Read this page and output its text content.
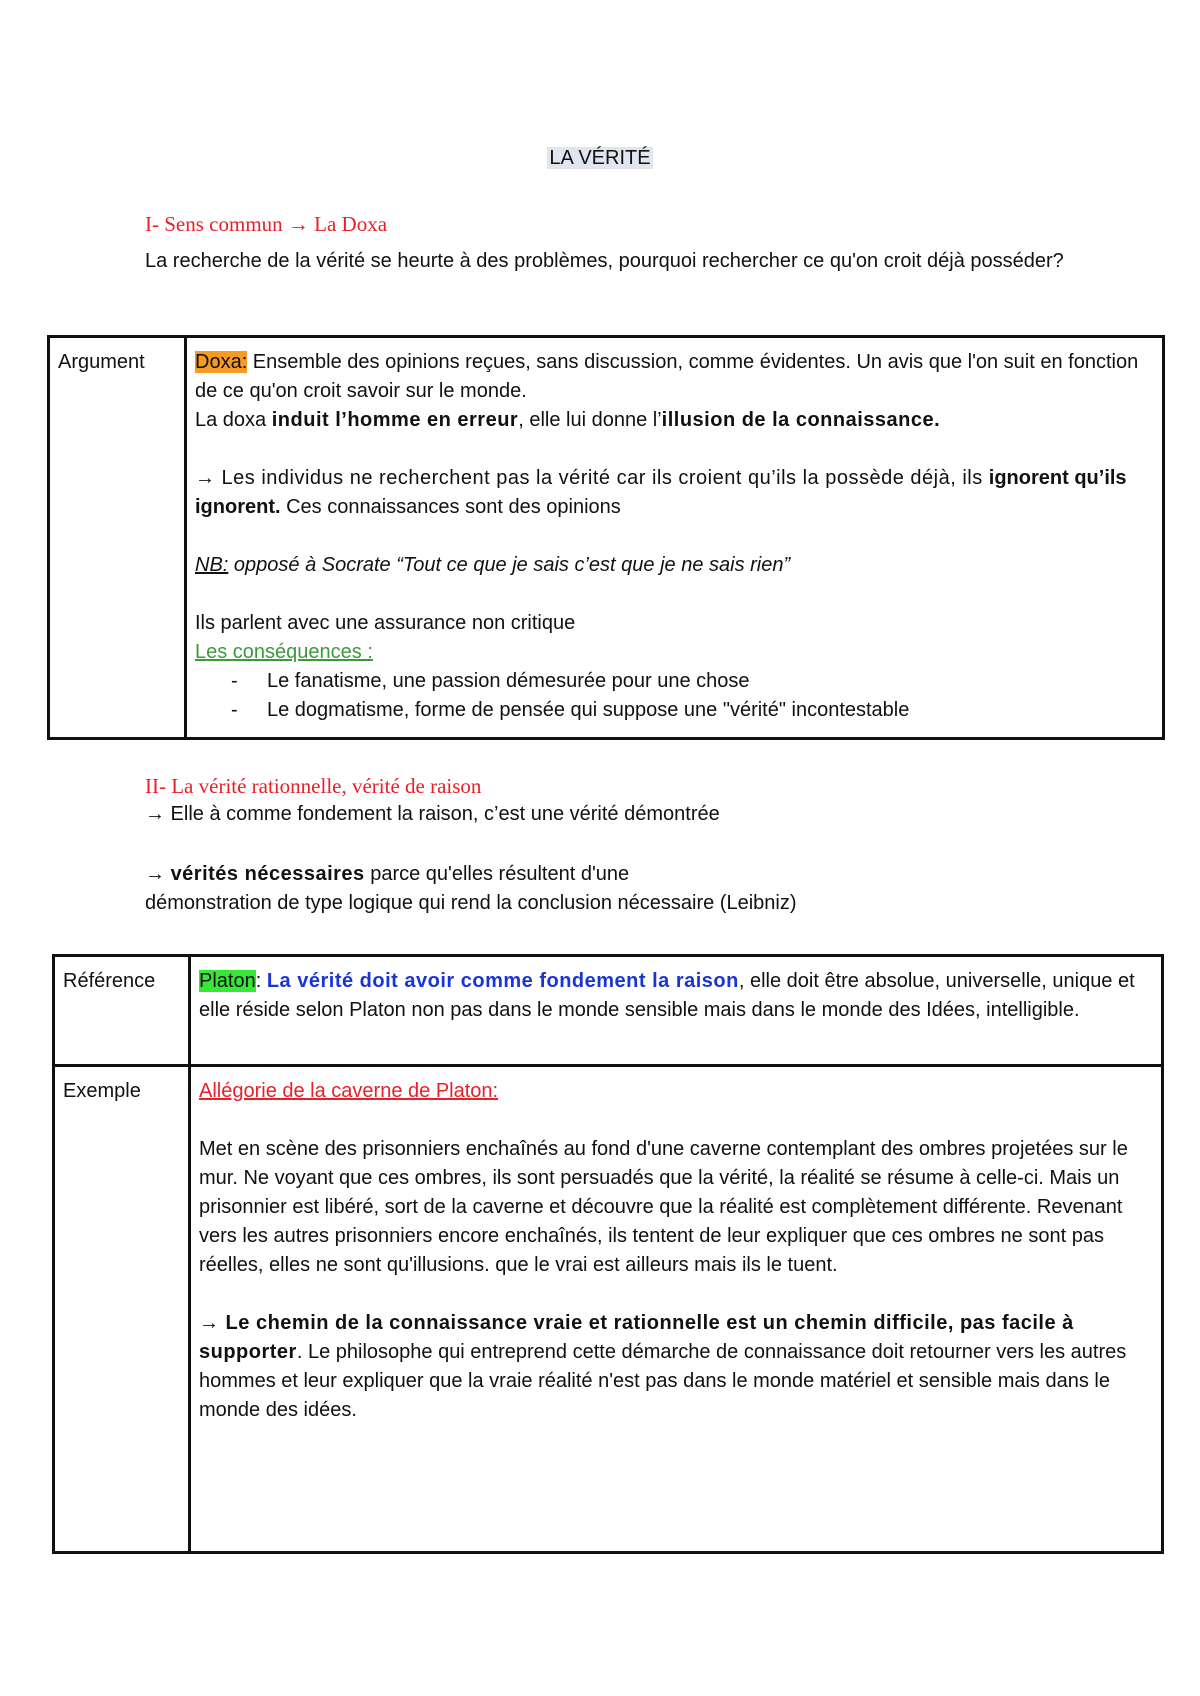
LA VÉRITÉ
I- Sens commun → La Doxa
La recherche de la vérité se heurte à des problèmes, pourquoi rechercher ce qu'on croit déjà posséder?
Argument	Doxa: Ensemble des opinions reçues, sans discussion, comme évidentes. Un avis que l'on suit en fonction de ce qu'on croit savoir sur le monde.
La doxa induit l’homme en erreur, elle lui donne l’illusion de la connaissance.
→ Les individus ne recherchent pas la vérité car ils croient qu’ils la possède déjà, ils ignorent qu’ils ignorent. Ces connaissances sont des opinions
NB: opposé à Socrate “Tout ce que je sais c’est que je ne sais rien”
Ils parlent avec une assurance non critique
Les conséquences :
- Le fanatisme, une passion démesurée pour une chose
- Le dogmatisme, forme de pensée qui suppose une "vérité" incontestable
II- La vérité rationnelle, vérité de raison
→ Elle à comme fondement la raison, c’est une vérité démontrée
→ vérités nécessaires parce qu'elles résultent d'une
démonstration de type logique qui rend la conclusion nécessaire (Leibniz)
Référence	Platon: La vérité doit avoir comme fondement la raison, elle doit être absolue, universelle, unique et elle réside selon Platon non pas dans le monde sensible mais dans le monde des Idées, intelligible.
Exemple	Allégorie de la caverne de Platon:
Met en scène des prisonniers enchaînés au fond d'une caverne contemplant des ombres projetées sur le mur. Ne voyant que ces ombres, ils sont persuadés que la vérité, la réalité se résume à celle-ci. Mais un prisonnier est libéré, sort de la caverne et découvre que la réalité est complètement différente. Revenant vers les autres prisonniers encore enchaînés, ils tentent de leur expliquer que ces ombres ne sont pas réelles, elles ne sont qu'illusions. que le vrai est ailleurs mais ils le tuent.
→ Le chemin de la connaissance vraie et rationnelle est un chemin difficile, pas facile à supporter. Le philosophe qui entreprend cette démarche de connaissance doit retourner vers les autres hommes et leur expliquer que la vraie réalité n'est pas dans le monde matériel et sensible mais dans le monde des idées.
